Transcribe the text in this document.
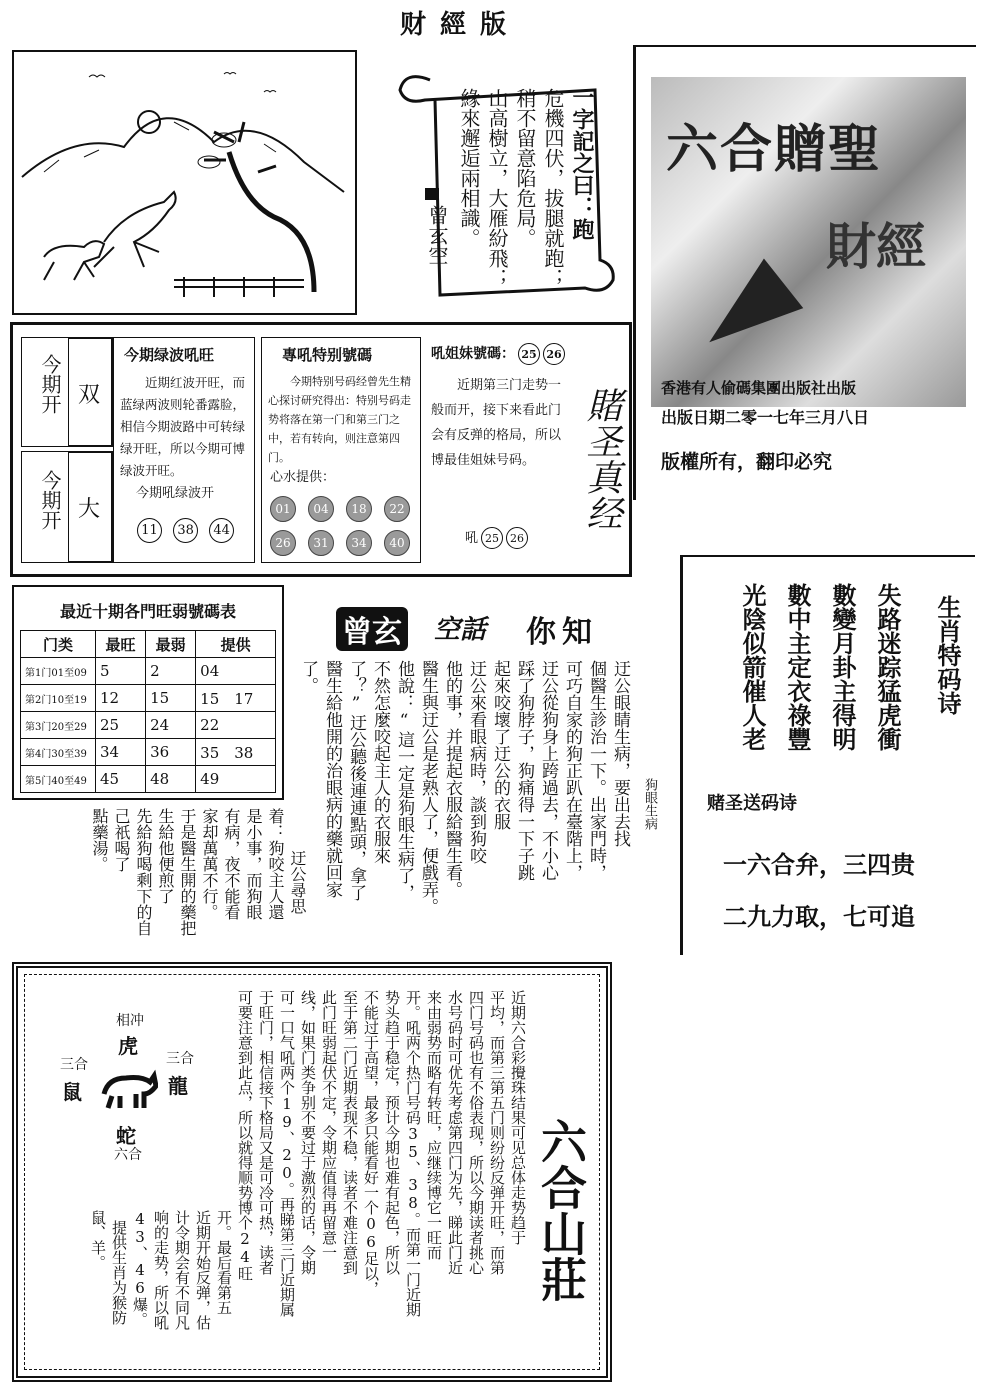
财經版
一字記之曰：跑
危機四伏，拔腿就跑；
稍不留意陷危局。
山高樹立，大雁紛飛；
緣來邂逅兩相識。
曾玄空
六合贈聖
財經
香港有人偷碼集團出版社出版
出版日期二零一七年三月八日
版權所有，翻印必究
今期开 双
今期开 大
今期绿波吼旺
近期红波开旺，而蓝绿两波则轮番露脸，相信今期波路中可转绿绿开旺，所以今期可博绿波开旺。
今期吼绿波开
11 38 44
專吼特别號碼
今期特别号码经曾先生精心探讨研究得出：特别号码走势将落在第一门和第三门之中，若有转向，则注意第四门。
心水提供：
01 04 18 2226 31 34 40
吼姐妹號碼： 25 26
近期第三门走势一般而开，接下来看此门会有反弹的格局，所以博最佳姐妹号码。
吼 25 26
賭圣真经
生肖特码诗
失路迷踪猛虎衝
數變月卦主得明
數中主定衣祿豐
光陰似箭催人老
赌圣送码诗
一六合弁，三四贵
二九力取，七可追
最近十期各門旺弱號碼表
门类	最旺	最弱	提供
第1门01至09	5	2	04
第2门10至19	12	15	15　17
第3门20至29	25	24	22
第4门30至39	34	36	35　38
第5门40至49	45	48	49
曾玄 空話 你知
狗眼生病
迂公眼睛生病，要出去找
個醫生診治一下。出家門時，
可巧自家的狗正趴在臺階上，
迂公從狗身上跨過去，不小心
踩了狗脖子，狗痛得一下子跳
起來咬壞了迂公的衣服
迂公來看眼病時，談到狗咬
他的事，并提起衣服給醫生看。
醫生與迂公是老熟人了，便戲弄。
他說：“這一定是狗眼生病了，
不然怎麼咬起主人的衣服來
了？”迂公聽後連連點頭，拿了
醫生給他開的治眼病的藥就回家
了。
迂公尋思
着：狗咬主人還
是小事，而狗眼
有病，夜不能看
家却萬萬不行。
于是醫生開的藥把
生給他便煎了
先給狗喝剩下的自
己祇喝了
點藥湯。
相冲
虎
三合
鼠
三合
龍
蛇
六合	六合山莊
近期六合彩攪珠结果可见总体走势趋于
平均，而第三第五门则纷纷反弹开旺，而第
四门号码也有不俗表现，所以今期读者挑心
水号码时可优先考虑第四门为先，睇此门近
来由弱势而略有转旺，应继续博它一旺而
开。吼两个热门号码35、38。而第一门近期
势头趋于稳定，预计今期也难有起色，所以
不能过于高望，最多只能看好一个06足以，
至于第二门近期表现不稳，读者不难注意到
此门旺弱起伏不定，令期应值得再留意一
线，如果门类争别不要过于激烈的话，令期
可一口气吼两个19、20。再睇第三门近期属
于旺门，相信接下格局又是可冷可热，读者
可要注意到此点，所以就得顺势博个24旺
开。最后看第五
近期开始反弹，估
计令期会有不同凡
响的走势，所以吼
43、46爆。
提供生肖为猴防
鼠、羊。
